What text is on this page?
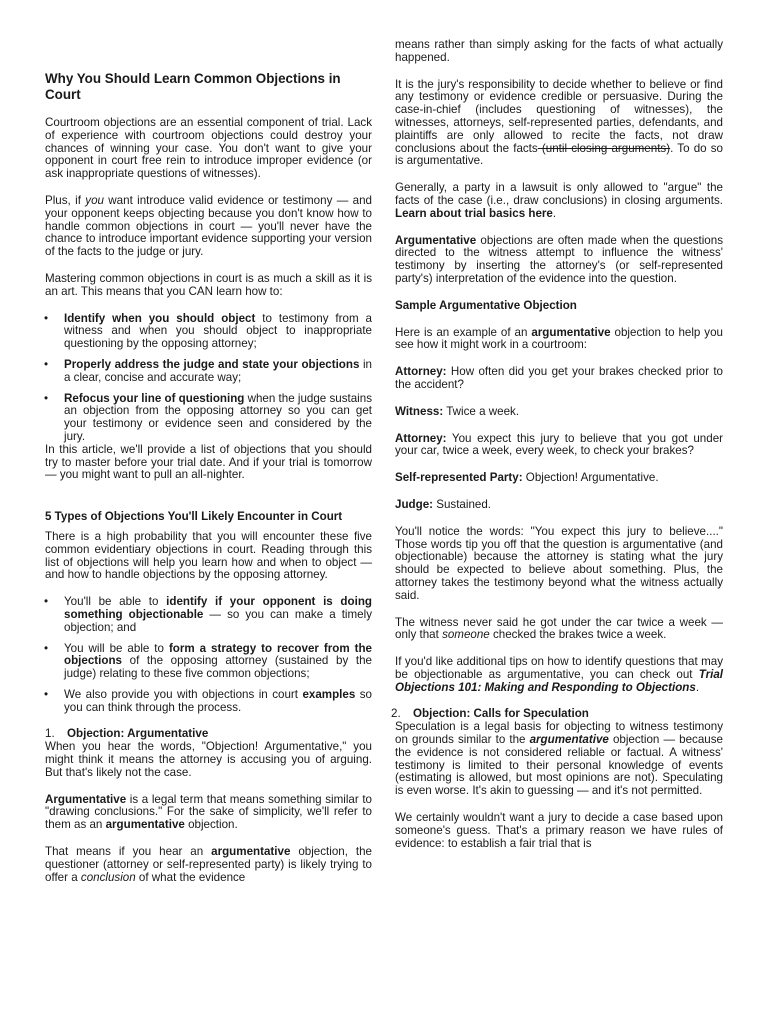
Why You Should Learn Common Objections in Court

Courtroom objections are an essential component of trial. Lack of experience with courtroom objections could destroy your chances of winning your case. You don't want to give your opponent in court free rein to introduce improper evidence (or ask inappropriate questions of witnesses).

Plus, if you want introduce valid evidence or testimony — and your opponent keeps objecting because you don't know how to handle common objections in court — you'll never have the chance to introduce important evidence supporting your version of the facts to the judge or jury.

Mastering common objections in court is as much a skill as it is an art. This means that you CAN learn how to:

• Identify when you should object to testimony from a witness and when you should object to inappropriate questioning by the opposing attorney;
• Properly address the judge and state your objections in a clear, concise and accurate way;
• Refocus your line of questioning when the judge sustains an objection from the opposing attorney so you can get your testimony or evidence seen and considered by the jury.

In this article, we'll provide a list of objections that you should try to master before your trial date. And if your trial is tomorrow — you might want to pull an all-nighter.

5 Types of Objections You'll Likely Encounter in Court

There is a high probability that you will encounter these five common evidentiary objections in court. Reading through this list of objections will help you learn how and when to object — and how to handle objections by the opposing attorney.

• You'll be able to identify if your opponent is doing something objectionable — so you can make a timely objection; and
• You will be able to form a strategy to recover from the objections of the opposing attorney (sustained by the judge) relating to these five common objections;
• We also provide you with objections in court examples so you can think through the process.

1. Objection: Argumentative

When you hear the words, "Objection! Argumentative," you might think it means the attorney is accusing you of arguing. But that's likely not the case.

Argumentative is a legal term that means something similar to "drawing conclusions." For the sake of simplicity, we'll refer to them as an argumentative objection.

That means if you hear an argumentative objection, the questioner (attorney or self-represented party) is likely trying to offer a conclusion of what the evidence

means rather than simply asking for the facts of what actually happened.

It is the jury's responsibility to decide whether to believe or find any testimony or evidence credible or persuasive. During the case-in-chief (includes questioning of witnesses), the witnesses, attorneys, self-represented parties, defendants, and plaintiffs are only allowed to recite the facts, not draw conclusions about the facts (until closing arguments). To do so is argumentative.

Generally, a party in a lawsuit is only allowed to "argue" the facts of the case (i.e., draw conclusions) in closing arguments. Learn about trial basics here.

Argumentative objections are often made when the questions directed to the witness attempt to influence the witness' testimony by inserting the attorney's (or self-represented party's) interpretation of the evidence into the question.

Sample Argumentative Objection

Here is an example of an argumentative objection to help you see how it might work in a courtroom:

Attorney: How often did you get your brakes checked prior to the accident?

Witness: Twice a week.

Attorney: You expect this jury to believe that you got under your car, twice a week, every week, to check your brakes?

Self-represented Party: Objection! Argumentative.

Judge: Sustained.

You'll notice the words: "You expect this jury to believe...." Those words tip you off that the question is argumentative (and objectionable) because the attorney is stating what the jury should be expected to believe about something. Plus, the attorney takes the testimony beyond what the witness actually said.

The witness never said he got under the car twice a week — only that someone checked the brakes twice a week.

If you'd like additional tips on how to identify questions that may be objectionable as argumentative, you can check out Trial Objections 101: Making and Responding to Objections.

2. Objection: Calls for Speculation

Speculation is a legal basis for objecting to witness testimony on grounds similar to the argumentative objection — because the evidence is not considered reliable or factual. A witness' testimony is limited to their personal knowledge of events (estimating is allowed, but most opinions are not). Speculating is even worse. It's akin to guessing — and it's not permitted.

We certainly wouldn't want a jury to decide a case based upon someone's guess. That's a primary reason we have rules of evidence: to establish a fair trial that is
